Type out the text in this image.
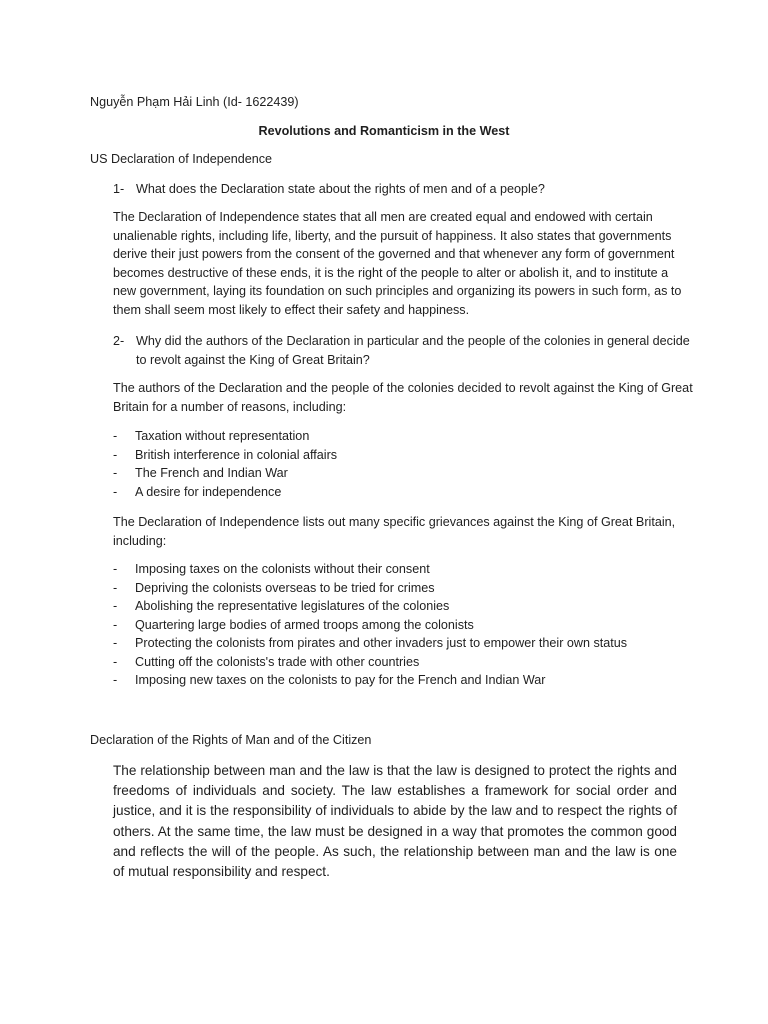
Nguyễn Phạm Hải Linh (Id- 1622439)

Revolutions and Romanticism in the West

US Declaration of Independence

1- What does the Declaration state about the rights of men and of a people?

The Declaration of Independence states that all men are created equal and endowed with certain unalienable rights, including life, liberty, and the pursuit of happiness. It also states that governments derive their just powers from the consent of the governed and that whenever any form of government becomes destructive of these ends, it is the right of the people to alter or abolish it, and to institute a new government, laying its foundation on such principles and organizing its powers in such form, as to them shall seem most likely to effect their safety and happiness.

2- Why did the authors of the Declaration in particular and the people of the colonies in general decide to revolt against the King of Great Britain?

The authors of the Declaration and the people of the colonies decided to revolt against the King of Great Britain for a number of reasons, including:

- Taxation without representation
- British interference in colonial affairs
- The French and Indian War
- A desire for independence

The Declaration of Independence lists out many specific grievances against the King of Great Britain, including:

- Imposing taxes on the colonists without their consent
- Depriving the colonists overseas to be tried for crimes
- Abolishing the representative legislatures of the colonies
- Quartering large bodies of armed troops among the colonists
- Protecting the colonists from pirates and other invaders just to empower their own status
- Cutting off the colonists's trade with other countries
- Imposing new taxes on the colonists to pay for the French and Indian War

Declaration of the Rights of Man and of the Citizen

The relationship between man and the law is that the law is designed to protect the rights and freedoms of individuals and society. The law establishes a framework for social order and justice, and it is the responsibility of individuals to abide by the law and to respect the rights of others. At the same time, the law must be designed in a way that promotes the common good and reflects the will of the people. As such, the relationship between man and the law is one of mutual responsibility and respect.
